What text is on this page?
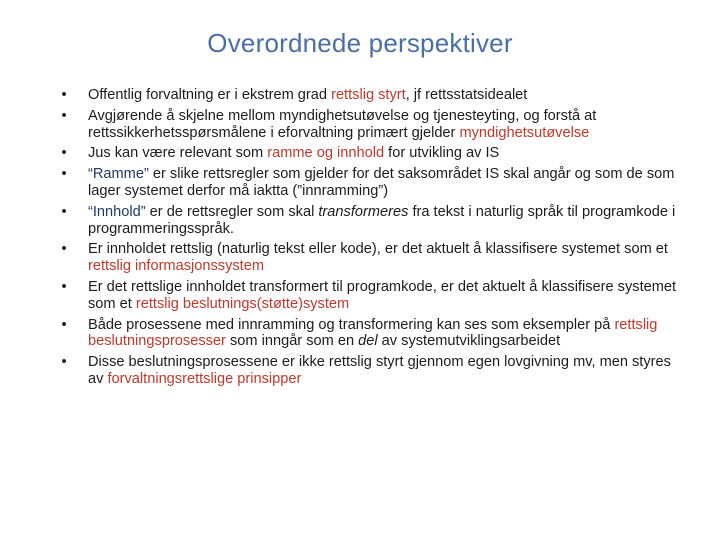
Overordnede perspektiver
• Offentlig forvaltning er i ekstrem grad rettslig styrt, jf rettsstatsidealet
• Avgjørende å skjelne mellom myndighetsutøvelse og tjenesteyting, og forstå at rettssikkerhetsspørsmålene i eforvaltning primært gjelder myndighetsutøvelse
• Jus kan være relevant som ramme og innhold for utvikling av IS
• “Ramme” er slike rettsregler som gjelder for det saksområdet IS skal angår og som de som lager systemet derfor må iaktta (”innramming”)
• “Innhold” er de rettsregler som skal transformeres fra tekst i naturlig språk til programkode i programmeringsspråk.
• Er innholdet rettslig (naturlig tekst eller kode), er det aktuelt å klassifisere systemet som et rettslig informasjonssystem
• Er det rettslige innholdet transformert til programkode, er det aktuelt å klassifisere systemet som et rettslig beslutnings(støtte)system
• Både prosessene med innramming og transformering kan ses som eksempler på rettslig beslutningsprosesser som inngår som en del av systemutviklingsarbeidet
• Disse beslutningsprosessene er ikke rettslig styrt gjennom egen lovgivning mv, men styres av forvaltningsrettslige prinsipper
